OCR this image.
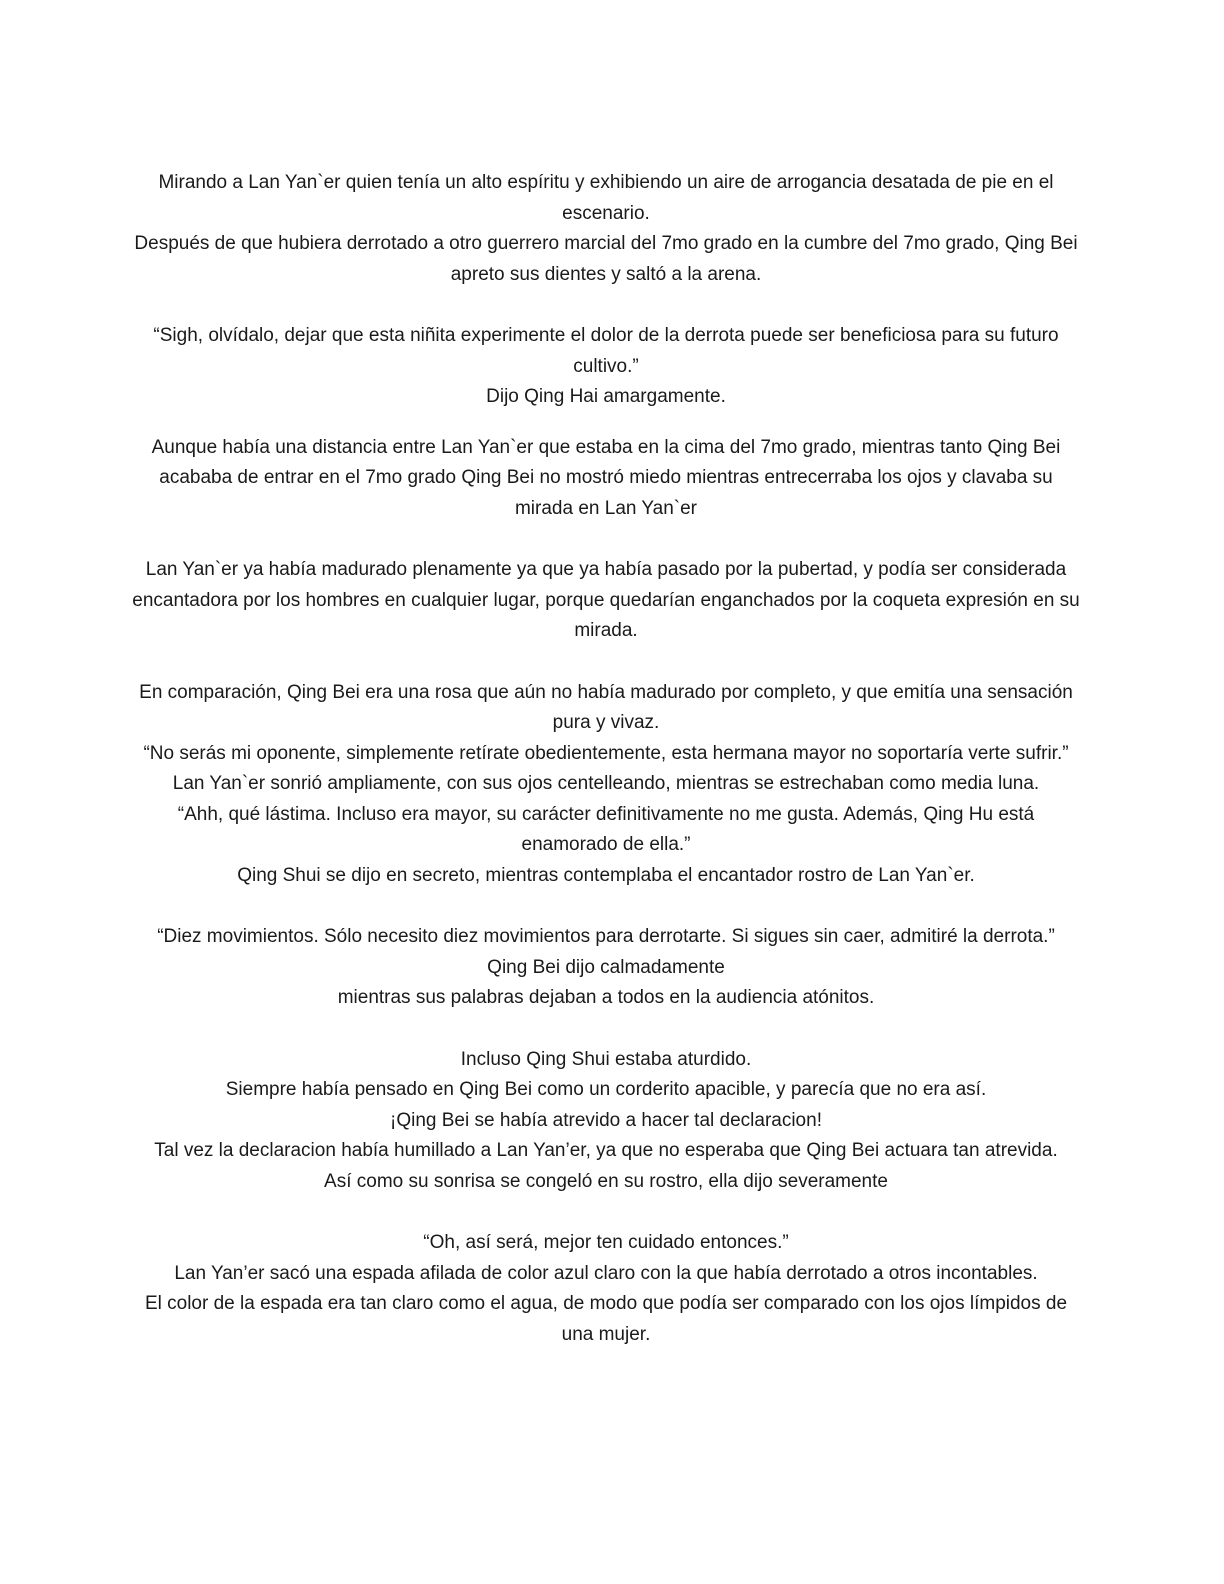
Mirando a Lan Yan`er quien tenía un alto espíritu y exhibiendo un aire de arrogancia desatada de pie en el escenario.

Después de que hubiera derrotado a otro guerrero marcial del 7mo grado en la cumbre del 7mo grado, Qing Bei apreto sus dientes y saltó a la arena.

“Sigh, olvídalo, dejar que esta niñita experimente el dolor de la derrota puede ser beneficiosa para su futuro cultivo.”

Dijo Qing Hai amargamente.

Aunque había una distancia entre Lan Yan`er que estaba en la cima del 7mo grado, mientras tanto Qing Bei acababa de entrar en el 7mo grado Qing Bei no mostró miedo mientras entrecerraba los ojos y clavaba su mirada en Lan Yan`er

Lan Yan`er ya había madurado plenamente ya que ya había pasado por la pubertad, y podía ser considerada encantadora por los hombres en cualquier lugar, porque quedarían enganchados por la coqueta expresión en su mirada.

En comparación, Qing Bei era una rosa que aún no había madurado por completo, y que emitía una sensación pura y vivaz.

“No serás mi oponente, simplemente retírate obedientemente, esta hermana mayor no soportaría verte sufrir.”

Lan Yan`er sonrió ampliamente, con sus ojos centelleando, mientras se estrechaban como media luna.

“Ahh, qué lástima. Incluso era mayor, su carácter definitivamente no me gusta. Además, Qing Hu está enamorado de ella.”

Qing Shui se dijo en secreto, mientras contemplaba el encantador rostro de Lan Yan`er.

“Diez movimientos. Sólo necesito diez movimientos para derrotarte. Si sigues sin caer, admitiré la derrota.”

Qing Bei dijo calmadamente

mientras sus palabras dejaban a todos en la audiencia atónitos.

Incluso Qing Shui estaba aturdido.

Siempre había pensado en Qing Bei como un corderito apacible, y parecía que no era así.

¡Qing Bei se había atrevido a hacer tal declaracion!

Tal vez la declaracion había humillado a Lan Yan’er, ya que no esperaba que Qing Bei actuara tan atrevida.

Así como su sonrisa se congeló en su rostro, ella dijo severamente

“Oh, así será, mejor ten cuidado entonces.”

Lan Yan’er sacó una espada afilada de color azul claro con la que había derrotado a otros incontables.

El color de la espada era tan claro como el agua, de modo que podía ser comparado con los ojos límpidos de una mujer.
